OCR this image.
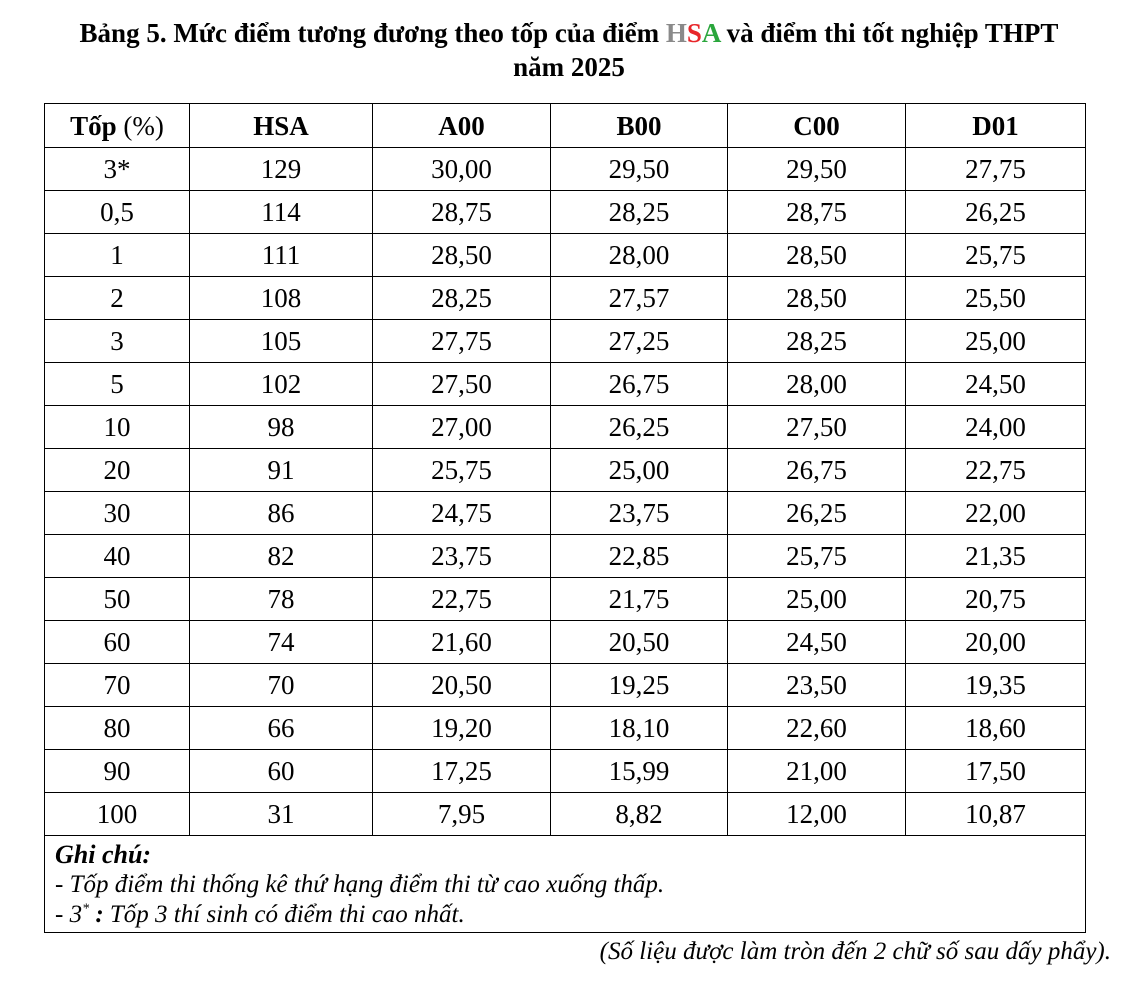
Bảng 5. Mức điểm tương đương theo tốp của điểm HSA và điểm thi tốt nghiệp THPT
năm 2025
Tốp (%)	HSA	A00	B00	C00	D01
3*	129	30,00	29,50	29,50	27,75
0,5	114	28,75	28,25	28,75	26,25
1	111	28,50	28,00	28,50	25,75
2	108	28,25	27,57	28,50	25,50
3	105	27,75	27,25	28,25	25,00
5	102	27,50	26,75	28,00	24,50
10	98	27,00	26,25	27,50	24,00
20	91	25,75	25,00	26,75	22,75
30	86	24,75	23,75	26,25	22,00
40	82	23,75	22,85	25,75	21,35
50	78	22,75	21,75	25,00	20,75
60	74	21,60	20,50	24,50	20,00
70	70	20,50	19,25	23,50	19,35
80	66	19,20	18,10	22,60	18,60
90	60	17,25	15,99	21,00	17,50
100	31	7,95	8,82	12,00	10,87

Ghi chú:
- Tốp điểm thi thống kê thứ hạng điểm thi từ cao xuống thấp.
- 3* : Tốp 3 thí sinh có điểm thi cao nhất.					
(Số liệu được làm tròn đến 2 chữ số sau dấy phẩy).
